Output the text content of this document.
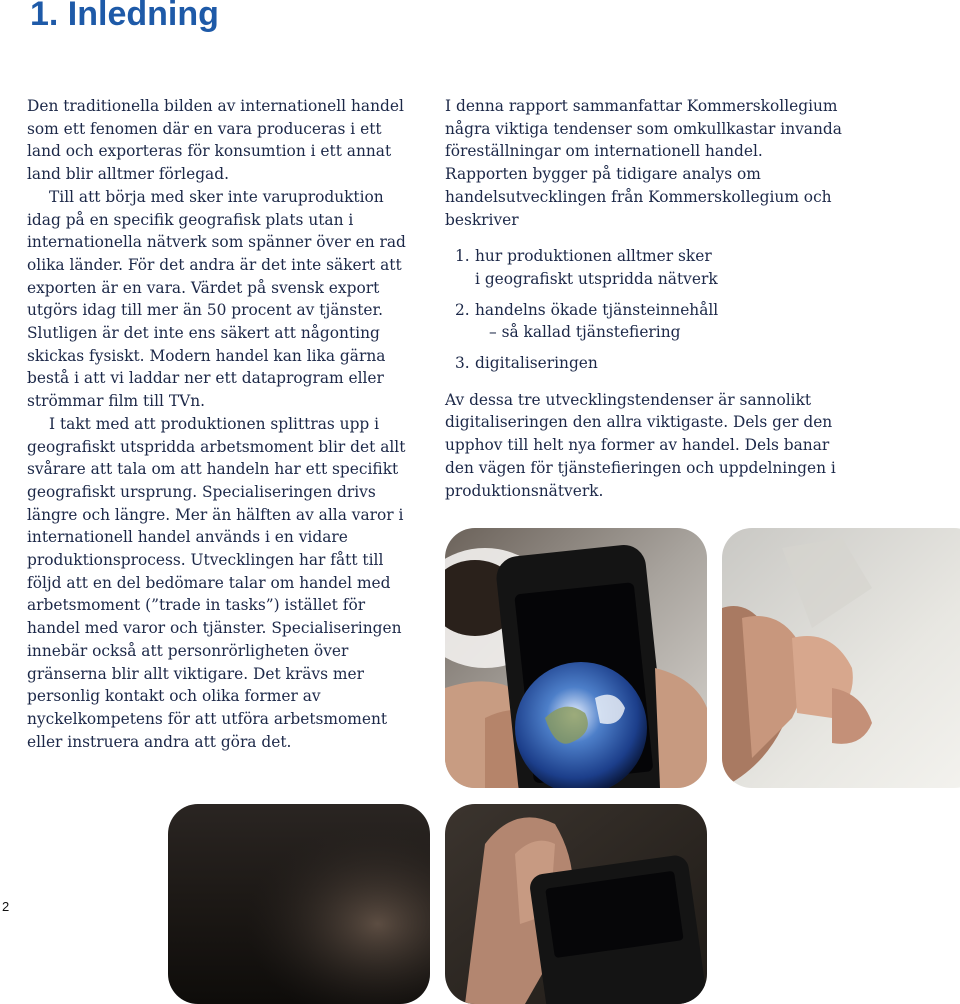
1. Inledning

Den traditionella bilden av internationell handel som ett fenomen där en vara produceras i ett land och exporteras för konsumtion i ett annat land blir alltmer förlegad.

Till att börja med sker inte varuproduktion idag på en specifik geografisk plats utan i internationella nätverk som spänner över en rad olika länder. För det andra är det inte säkert att exporten är en vara. Värdet på svensk export utgörs idag till mer än 50 procent av tjänster. Slutligen är det inte ens säkert att någonting skickas fysiskt. Modern handel kan lika gärna bestå i att vi laddar ner ett dataprogram eller strömmar film till TVn.

I takt med att produktionen splittras upp i geografiskt utspridda arbetsmoment blir det allt svårare att tala om att handeln har ett specifikt geografiskt ursprung. Specialiseringen drivs längre och längre. Mer än hälften av alla varor i internationell handel används i en vidare produktionsprocess. Utvecklingen har fått till följd att en del bedömare talar om handel med arbetsmoment (”trade in tasks”) istället för handel med varor och tjänster. Specialiseringen innebär också att personrörligheten över gränserna blir allt viktigare. Det krävs mer personlig kontakt och olika former av nyckelkompetens för att utföra arbetsmoment eller instruera andra att göra det.

I denna rapport sammanfattar Kommerskollegium några viktiga tendenser som omkullkastar invanda föreställningar om internationell handel. Rapporten bygger på tidigare analys om handelsutvecklingen från Kommerskollegium och beskriver

1. hur produktionen alltmer sker
i geografiskt utspridda nätverk
2. handelns ökade tjänsteinnehåll
– så kallad tjänstefiering
3. digitaliseringen

Av dessa tre utvecklingstendenser är sannolikt digitaliseringen den allra viktigaste. Dels ger den upphov till helt nya former av handel. Dels banar den vägen för tjänstefieringen och uppdelningen i produktionsnätverk.

2
